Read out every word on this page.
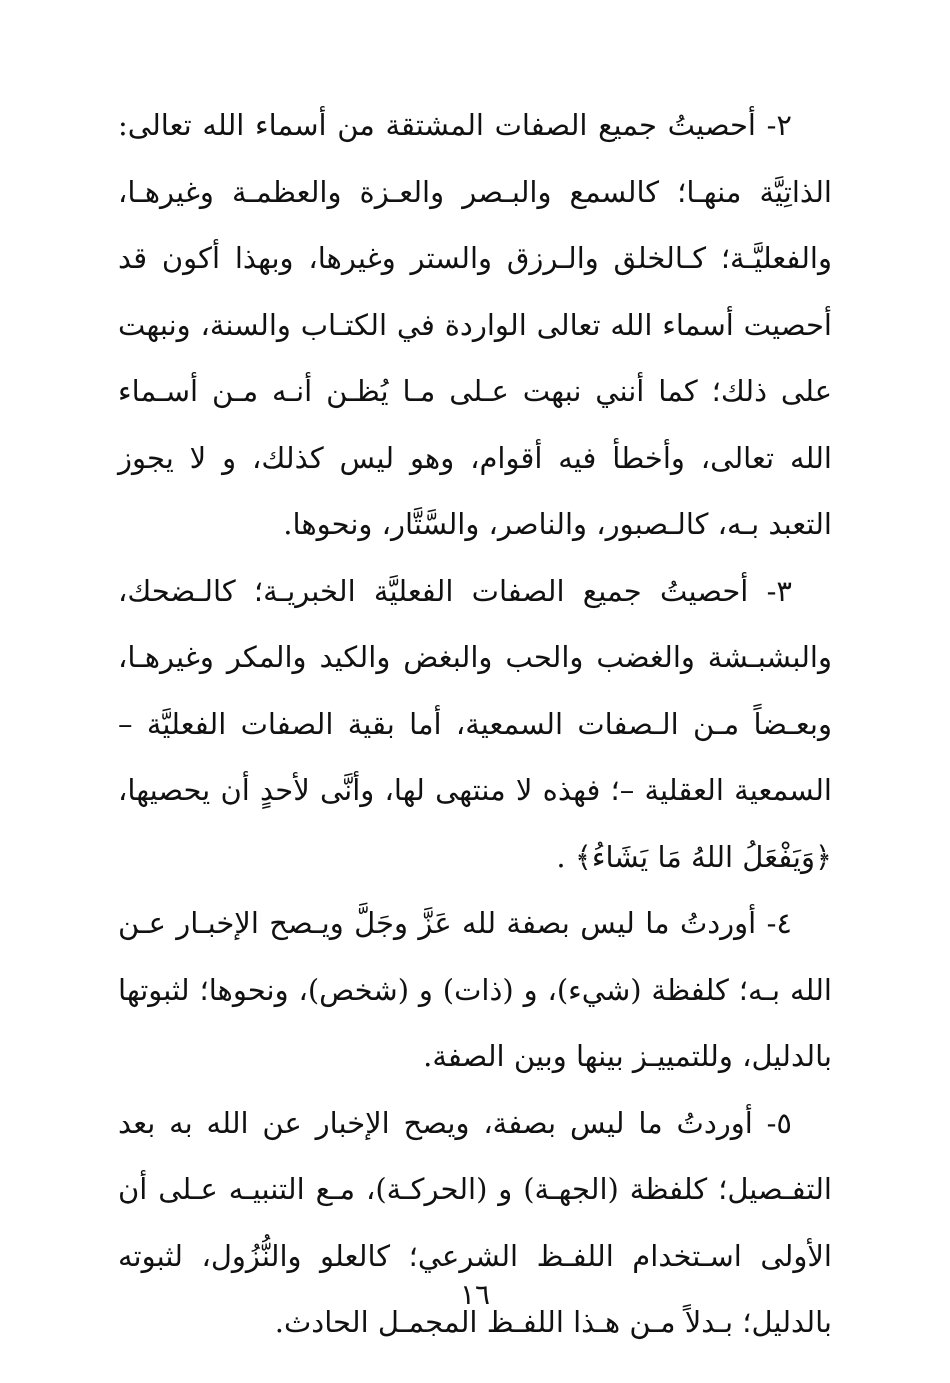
٢- أحصيتُ جميع الصفات المشتقة من أسماء الله تعالى: الذاتِيَّة منهـا؛ كالسمع والبـصر والعـزة والعظمـة وغيرهـا، والفعليَّـة؛ كـالخلق والـرزق والستر وغيرها، وبهذا أكون قد أحصيت أسماء الله تعالى الواردة في الكتـاب والسنة، ونبهت على ذلك؛ كما أنني نبهت عـلى مـا يُظـن أنـه مـن أسـماء الله تعالى، وأخطأ فيه أقوام، وهو ليس كذلك، و لا يجوز التعبد بـه، كالـصبور، والناصر، والسَّتَّار، ونحوها.

٣- أحصيتُ جميع الصفات الفعليَّة الخبريـة؛ كالـضحك، والبشبـشة والغضب والحب والبغض والكيد والمكر وغيرهـا، وبعـضاً مـن الـصفات السمعية، أما بقية الصفات الفعليَّة – السمعية العقلية –؛ فهذه لا منتهى لها، وأنَّى لأحدٍ أن يحصيها، ﴿وَيَفْعَلُ اللهُ مَا يَشَاءُ﴾ .

٤- أوردتُ ما ليس بصفة لله عَزَّ وجَلَّ ويـصح الإخبـار عـن الله بـه؛ كلفظة (شيء)، و (ذات) و (شخص)، ونحوها؛ لثبوتها بالدليل، وللتمييـز بينها وبين الصفة.

٥- أوردتُ ما ليس بصفة، ويصح الإخبار عن الله به بعد التفـصيل؛ كلفظة (الجهـة) و (الحركـة)، مـع التنبيـه عـلى أن الأولى اسـتخدام اللفـظ الشرعي؛ كالعلو والنُّزُول، لثبوته بالدليل؛ بـدلاً مـن هـذا اللفـظ المجمـل الحادث.

١٦
